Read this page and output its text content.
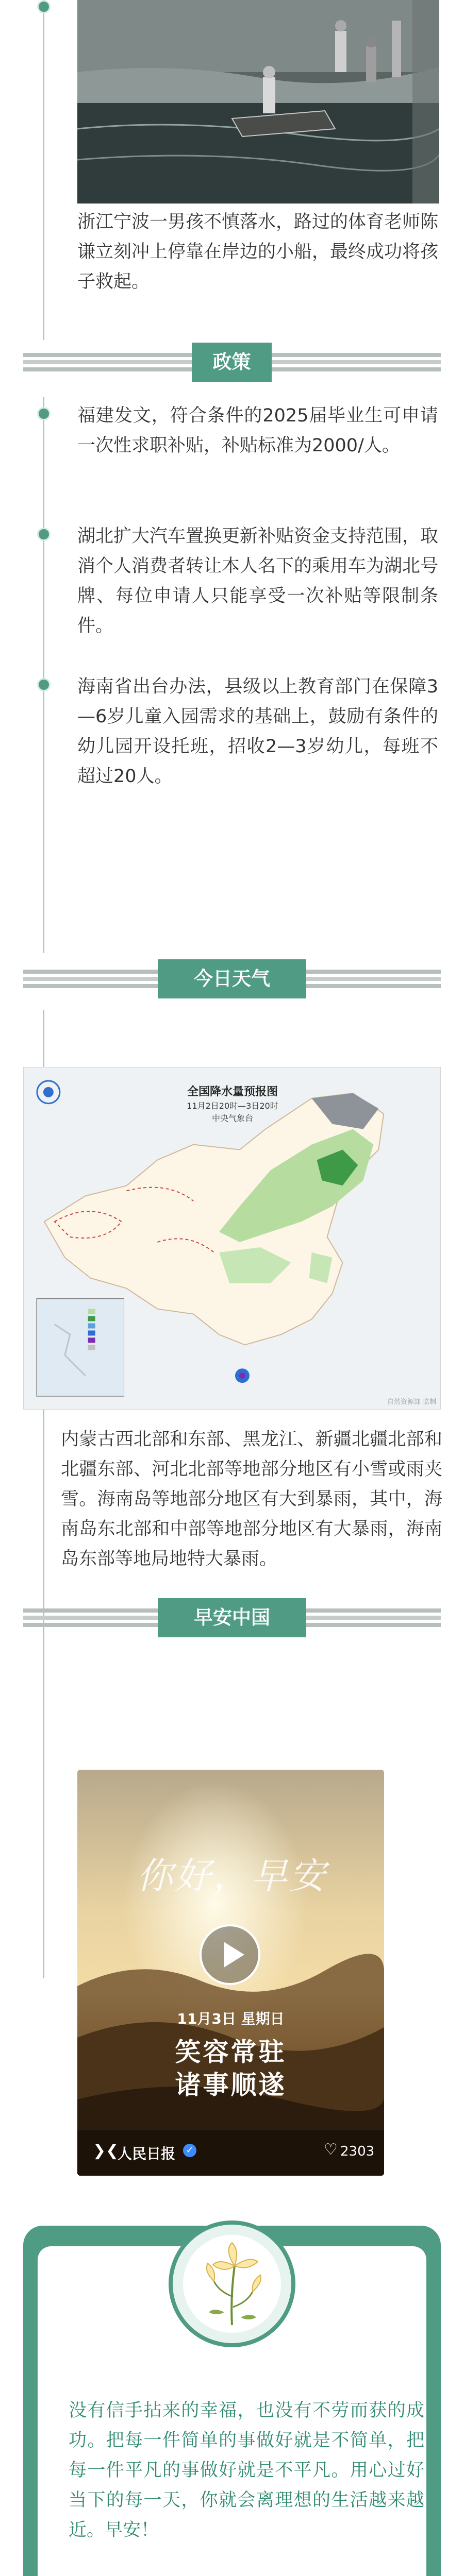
浙江宁波一男孩不慎落水，路过的体育老师陈谦立刻冲上停靠在岸边的小船，最终成功将孩子救起。
政策
福建发文，符合条件的2025届毕业生可申请一次性求职补贴，补贴标准为2000/人。
湖北扩大汽车置换更新补贴资金支持范围，取消个人消费者转让本人名下的乘用车为湖北号牌、每位申请人只能享受一次补贴等限制条件。
海南省出台办法，县级以上教育部门在保障3—6岁儿童入园需求的基础上，鼓励有条件的幼儿园开设托班，招收2—3岁幼儿，每班不超过20人。
今日天气
全国降水量预报图
11月2日20时—3日20时
中央气象台
自然资源部 监制
内蒙古西北部和东部、黑龙江、新疆北疆北部和北疆东部、河北北部等地部分地区有小雪或雨夹雪。海南岛等地部分地区有大到暴雨，其中，海南岛东北部和中部等地部分地区有大暴雨，海南岛东部等地局地特大暴雨。
早安中国
你好，早安
11月3日 星期日
笑容常驻
诸事顺遂
❯❮
人民日报	✓	♡ 2303
没有信手拈来的幸福，也没有不劳而获的成功。把每一件简单的事做好就是不简单，把每一件平凡的事做好就是不平凡。用心过好当下的每一天，你就会离理想的生活越来越近。早安！
